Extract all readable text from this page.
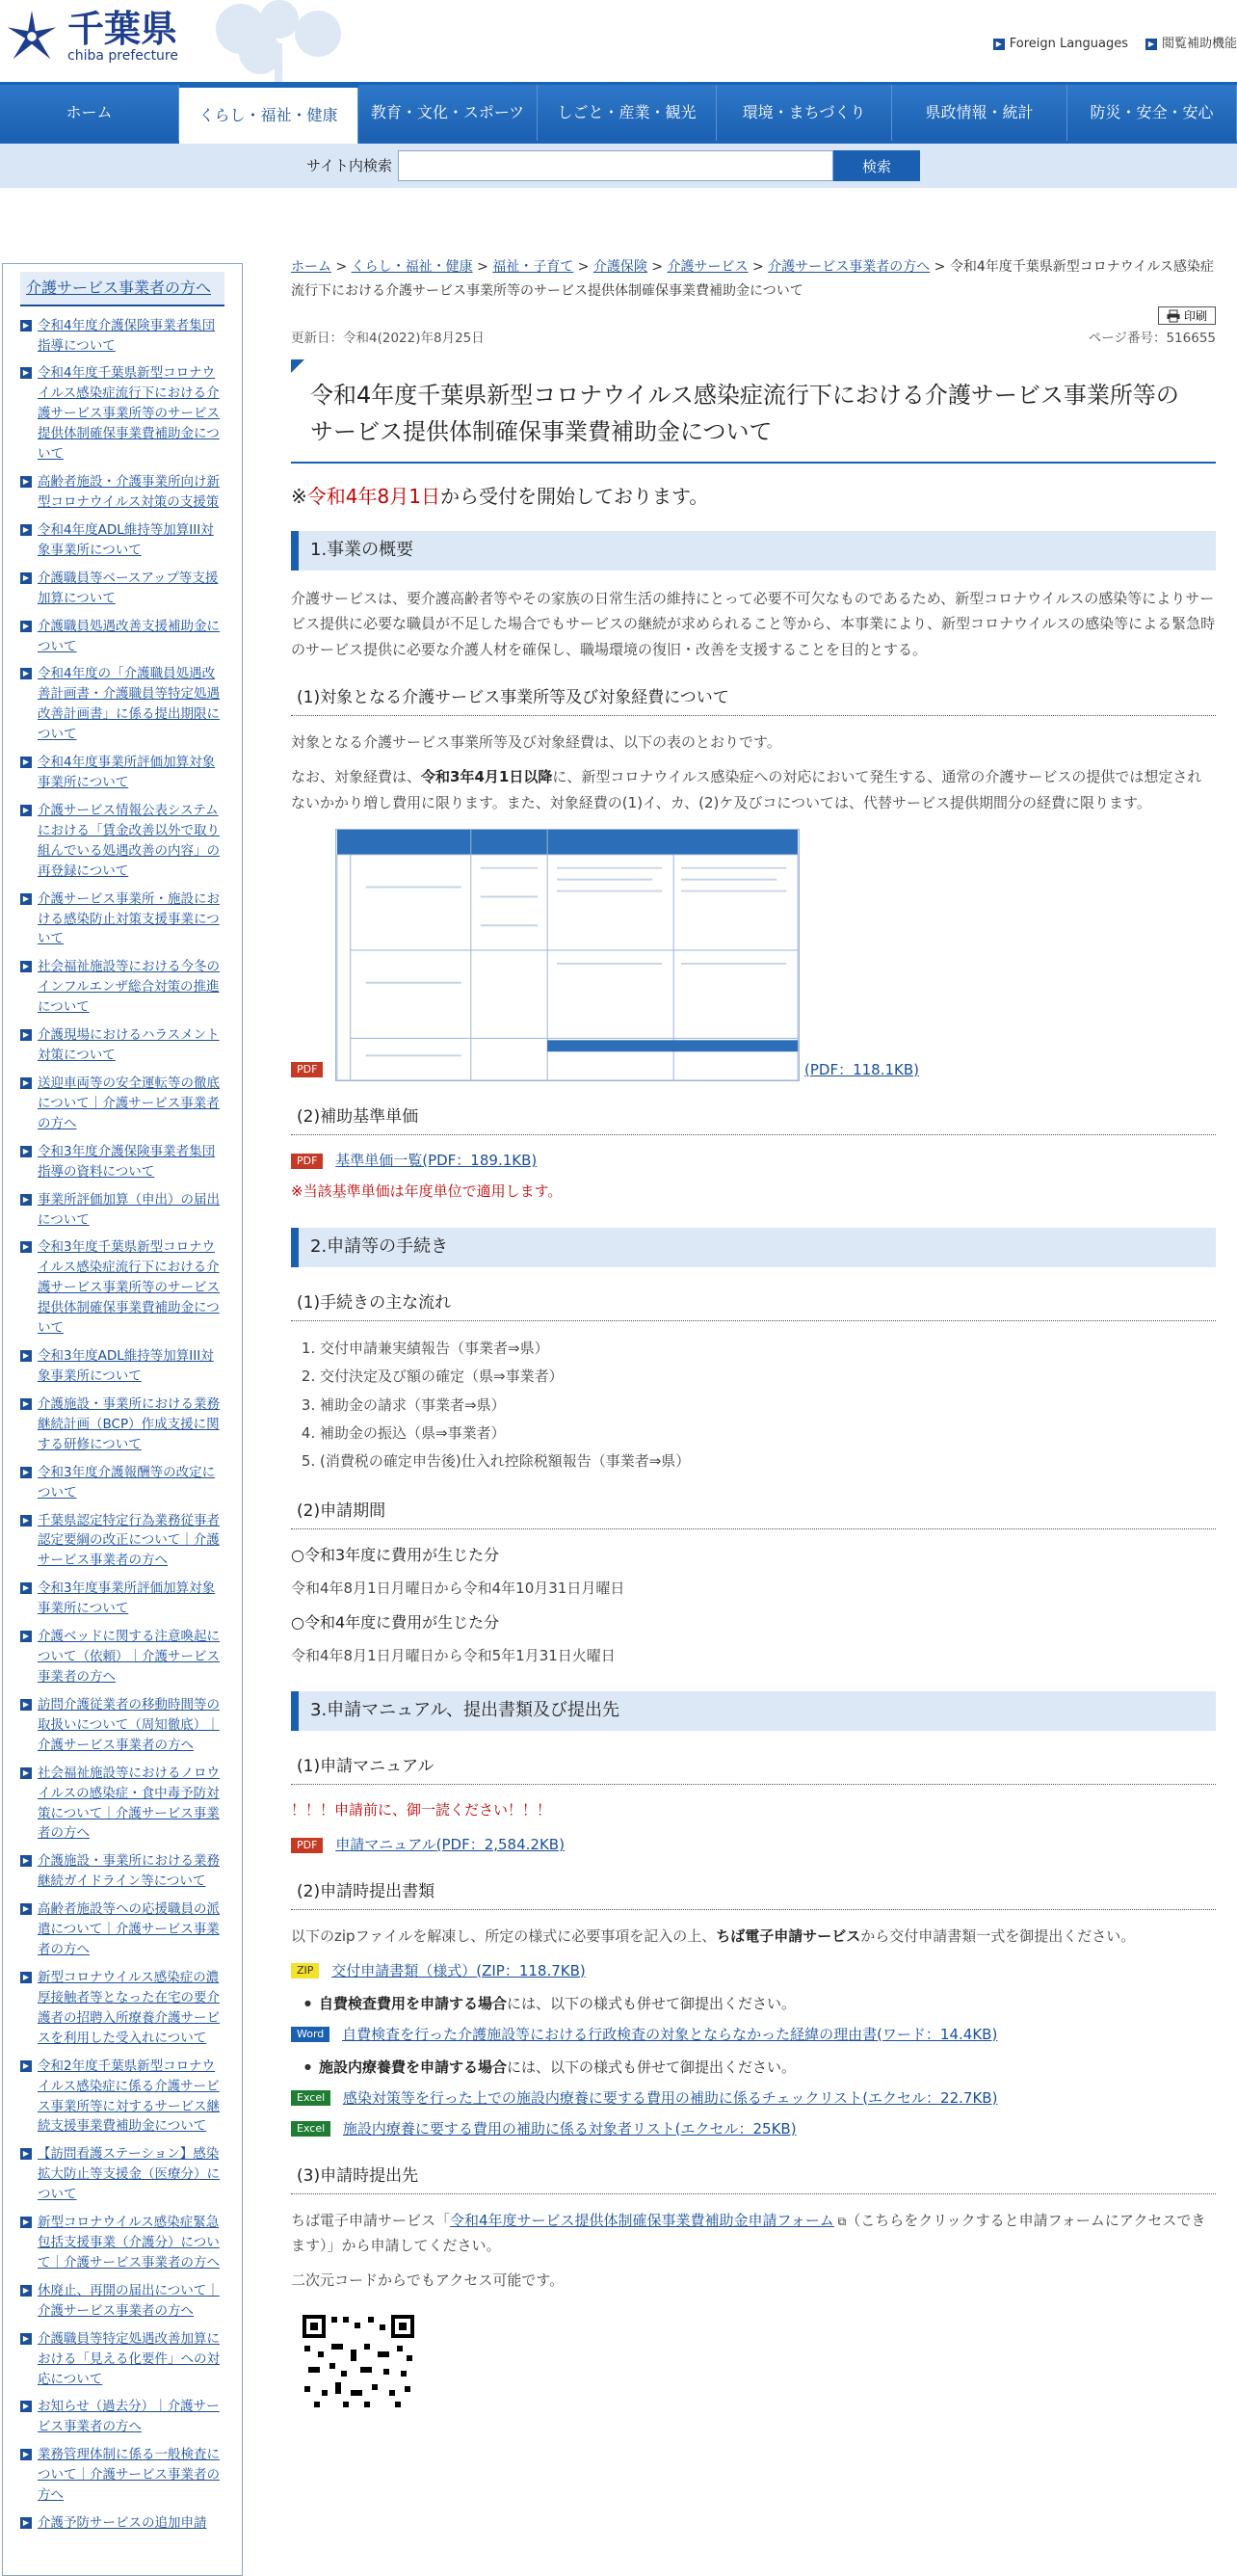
千葉県
chiba prefecture
▶ Foreign Languages	▶ 閲覧補助機能
ホーム	くらし・福祉・健康	教育・文化・スポーツ	しごと・産業・観光	環境・まちづくり	県政情報・統計	防災・安全・安心
サイト内検索	検索
介護サービス事業者の方へ
▶ 令和4年度介護保険事業者集団指導について
▶ 令和4年度千葉県新型コロナウイルス感染症流行下における介護サービス事業所等のサービス提供体制確保事業費補助金について
▶ 高齢者施設・介護事業所向け新型コロナウイルス対策の支援策
▶ 令和4年度ADL維持等加算III対象事業所について
▶ 介護職員等ベースアップ等支援加算について
▶ 介護職員処遇改善支援補助金について
▶ 令和4年度の「介護職員処遇改善計画書・介護職員等特定処遇改善計画書」に係る提出期限について
▶ 令和4年度事業所評価加算対象事業所について
▶ 介護サービス情報公表システムにおける「賃金改善以外で取り組んでいる処遇改善の内容」の再登録について
▶ 介護サービス事業所・施設における感染防止対策支援事業について
▶ 社会福祉施設等における今冬のインフルエンザ総合対策の推進について
▶ 介護現場におけるハラスメント対策について
▶ 送迎車両等の安全運転等の徹底について｜介護サービス事業者の方へ
▶ 令和3年度介護保険事業者集団指導の資料について
▶ 事業所評価加算（申出）の届出について
▶ 令和3年度千葉県新型コロナウイルス感染症流行下における介護サービス事業所等のサービス提供体制確保事業費補助金について
▶ 令和3年度ADL維持等加算III対象事業所について
▶ 介護施設・事業所における業務継続計画（BCP）作成支援に関する研修について
▶ 令和3年度介護報酬等の改定について
▶ 千葉県認定特定行為業務従事者認定要綱の改正について｜介護サービス事業者の方へ
▶ 令和3年度事業所評価加算対象事業所について
▶ 介護ベッドに関する注意喚起について（依頼）｜介護サービス事業者の方へ
▶ 訪問介護従業者の移動時間等の取扱いについて（周知徹底）｜介護サービス事業者の方へ
▶ 社会福祉施設等におけるノロウイルスの感染症・食中毒予防対策について｜介護サービス事業者の方へ
▶ 介護施設・事業所における業務継続ガイドライン等について
▶ 高齢者施設等への応援職員の派遣について｜介護サービス事業者の方へ
▶ 新型コロナウイルス感染症の濃厚接触者等となった在宅の要介護者の招聘入所療養介護サービスを利用した受入れについて
▶ 令和2年度千葉県新型コロナウイルス感染症に係る介護サービス事業所等に対するサービス継続支援事業費補助金について
▶ 【訪問看護ステーション】感染拡大防止等支援金（医療分）について
▶ 新型コロナウイルス感染症緊急包括支援事業（介護分）について｜介護サービス事業者の方へ
▶ 休廃止、再開の届出について｜介護サービス事業者の方へ
▶ 介護職員等特定処遇改善加算における「見える化要件」への対応について
▶ お知らせ（過去分）｜介護サービス事業者の方へ
▶ 業務管理体制に係る一般検査について｜介護サービス事業者の方へ
▶ 介護予防サービスの追加申請
ホーム > くらし・福祉・健康 > 福祉・子育て > 介護保険 > 介護サービス > 介護サービス事業者の方へ > 令和4年度千葉県新型コロナウイルス感染症流行下における介護サービス事業所等のサービス提供体制確保事業費補助金について
印刷
更新日：令和4(2022)年8月25日	ページ番号：516655
令和4年度千葉県新型コロナウイルス感染症流行下における介護サービス事業所等のサービス提供体制確保事業費補助金について
※令和4年8月1日から受付を開始しております。
1.事業の概要

介護サービスは、要介護高齢者等やその家族の日常生活の維持にとって必要不可欠なものであるため、新型コロナウイルスの感染等によりサービス提供に必要な職員が不足した場合でもサービスの継続が求められること等から、本事業により、新型コロナウイルスの感染等による緊急時のサービス提供に必要な介護人材を確保し、職場環境の復旧・改善を支援することを目的とする。

(1)対象となる介護サービス事業所等及び対象経費について

対象となる介護サービス事業所等及び対象経費は、以下の表のとおりです。

なお、対象経費は、令和3年4月1日以降に、新型コロナウイルス感染症への対応において発生する、通常の介護サービスの提供では想定されないかかり増し費用に限ります。また、対象経費の(1)イ、カ、(2)ケ及びコについては、代替サービス提供期間分の経費に限ります。

PDF	(PDF：118.1KB)
(2)補助基準単価
PDF 基準単価一覧(PDF：189.1KB)
※当該基準単価は年度単位で適用します。
2.申請等の手続き
(1)手続きの主な流れ
1. 交付申請兼実績報告（事業者⇒県）
2. 交付決定及び額の確定（県⇒事業者）
3. 補助金の請求（事業者⇒県）
4. 補助金の振込（県⇒事業者）
5. (消費税の確定申告後)仕入れ控除税額報告（事業者⇒県）
(2)申請期間
○令和3年度に費用が生じた分

令和4年8月1日月曜日から令和4年10月31日月曜日

○令和4年度に費用が生じた分

令和4年8月1日月曜日から令和5年1月31日火曜日

3.申請マニュアル、提出書類及び提出先
(1)申請マニュアル
！！！申請前に、御一読ください！！！
PDF 申請マニュアル(PDF：2,584.2KB)
(2)申請時提出書類

以下のzipファイルを解凍し、所定の様式に必要事項を記入の上、ちば電子申請サービスから交付申請書類一式を御提出ください。

ZIP 交付申請書類（様式）(ZIP：118.7KB)
● 自費検査費用を申請する場合には、以下の様式も併せて御提出ください。
Word 自費検査を行った介護施設等における行政検査の対象とならなかった経緯の理由書(ワード：14.4KB)
● 施設内療養費を申請する場合には、以下の様式も併せて御提出ください。
Excel 感染対策等を行った上での施設内療養に要する費用の補助に係るチェックリスト(エクセル：22.7KB)
Excel 施設内療養に要する費用の補助に係る対象者リスト(エクセル：25KB)
(3)申請時提出先

ちば電子申請サービス「令和4年度サービス提供体制確保事業費補助金申請フォーム ⧉（こちらをクリックすると申請フォームにアクセスできます）」から申請してください。

二次元コードからでもアクセス可能です。
